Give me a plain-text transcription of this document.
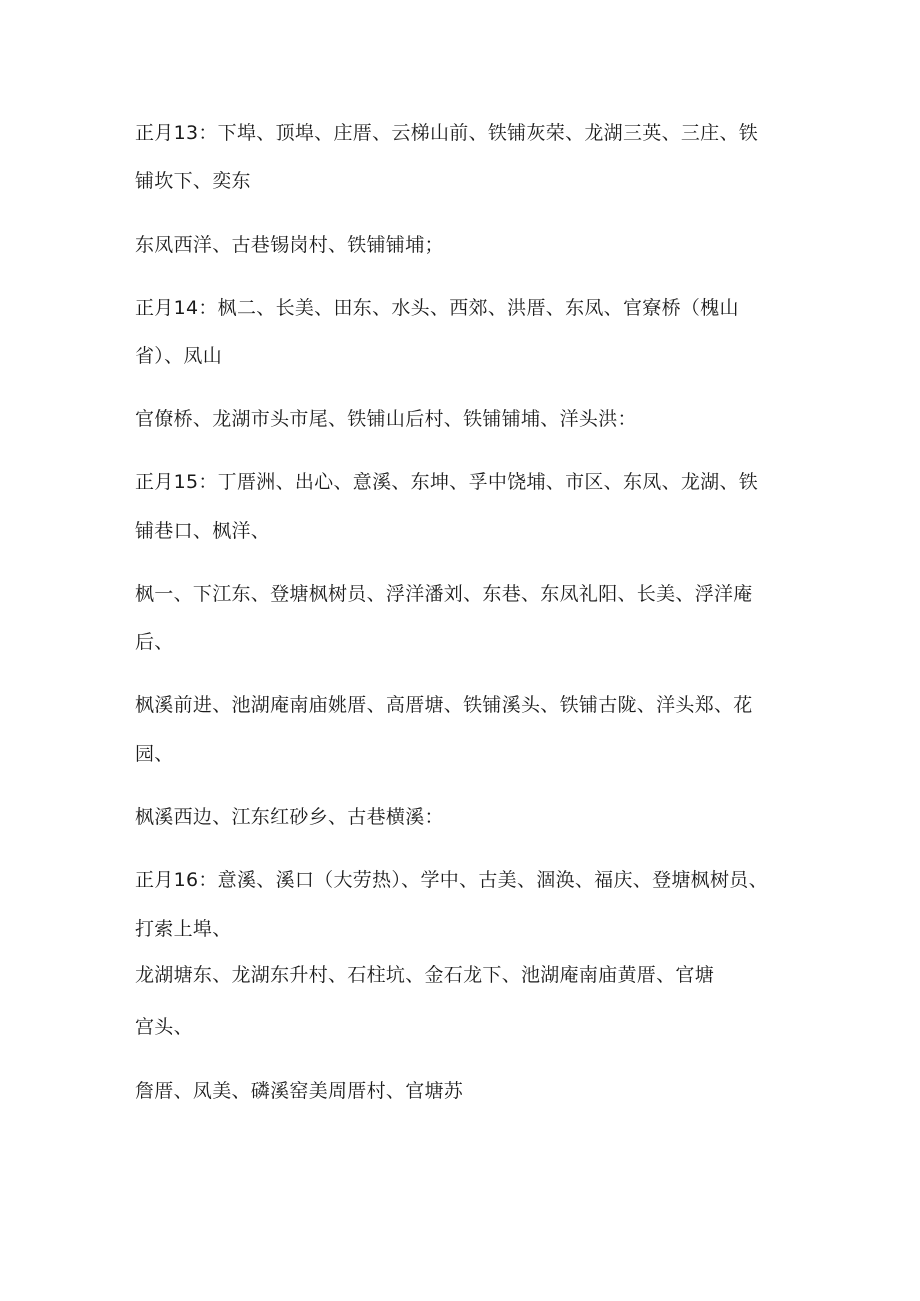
正月13：下埠、顶埠、庄厝、云梯山前、铁铺灰荣、龙湖三英、三庄、铁
铺坎下、奕东
东凤西洋、古巷锡岗村、铁铺铺埔；
正月14：枫二、长美、田东、水头、西郊、洪厝、东凤、官寮桥（槐山
省）、凤山
官僚桥、龙湖市头市尾、铁铺山后村、铁铺铺埔、洋头洪：
正月15：丁厝洲、出心、意溪、东坤、孚中饶埔、市区、东凤、龙湖、铁
铺巷口、枫洋、
枫一、下江东、登塘枫树员、浮洋潘刘、东巷、东凤礼阳、长美、浮洋庵
后、
枫溪前进、池湖庵南庙姚厝、高厝塘、铁铺溪头、铁铺古陇、洋头郑、花
园、
枫溪西边、江东红砂乡、古巷横溪：
正月16：意溪、溪口（大劳热）、学中、古美、涸涣、福庆、登塘枫树员、
打索上埠、
龙湖塘东、龙湖东升村、石柱坑、金石龙下、池湖庵南庙黄厝、官塘
宫头、
詹厝、凤美、磷溪窑美周厝村、官塘苏
